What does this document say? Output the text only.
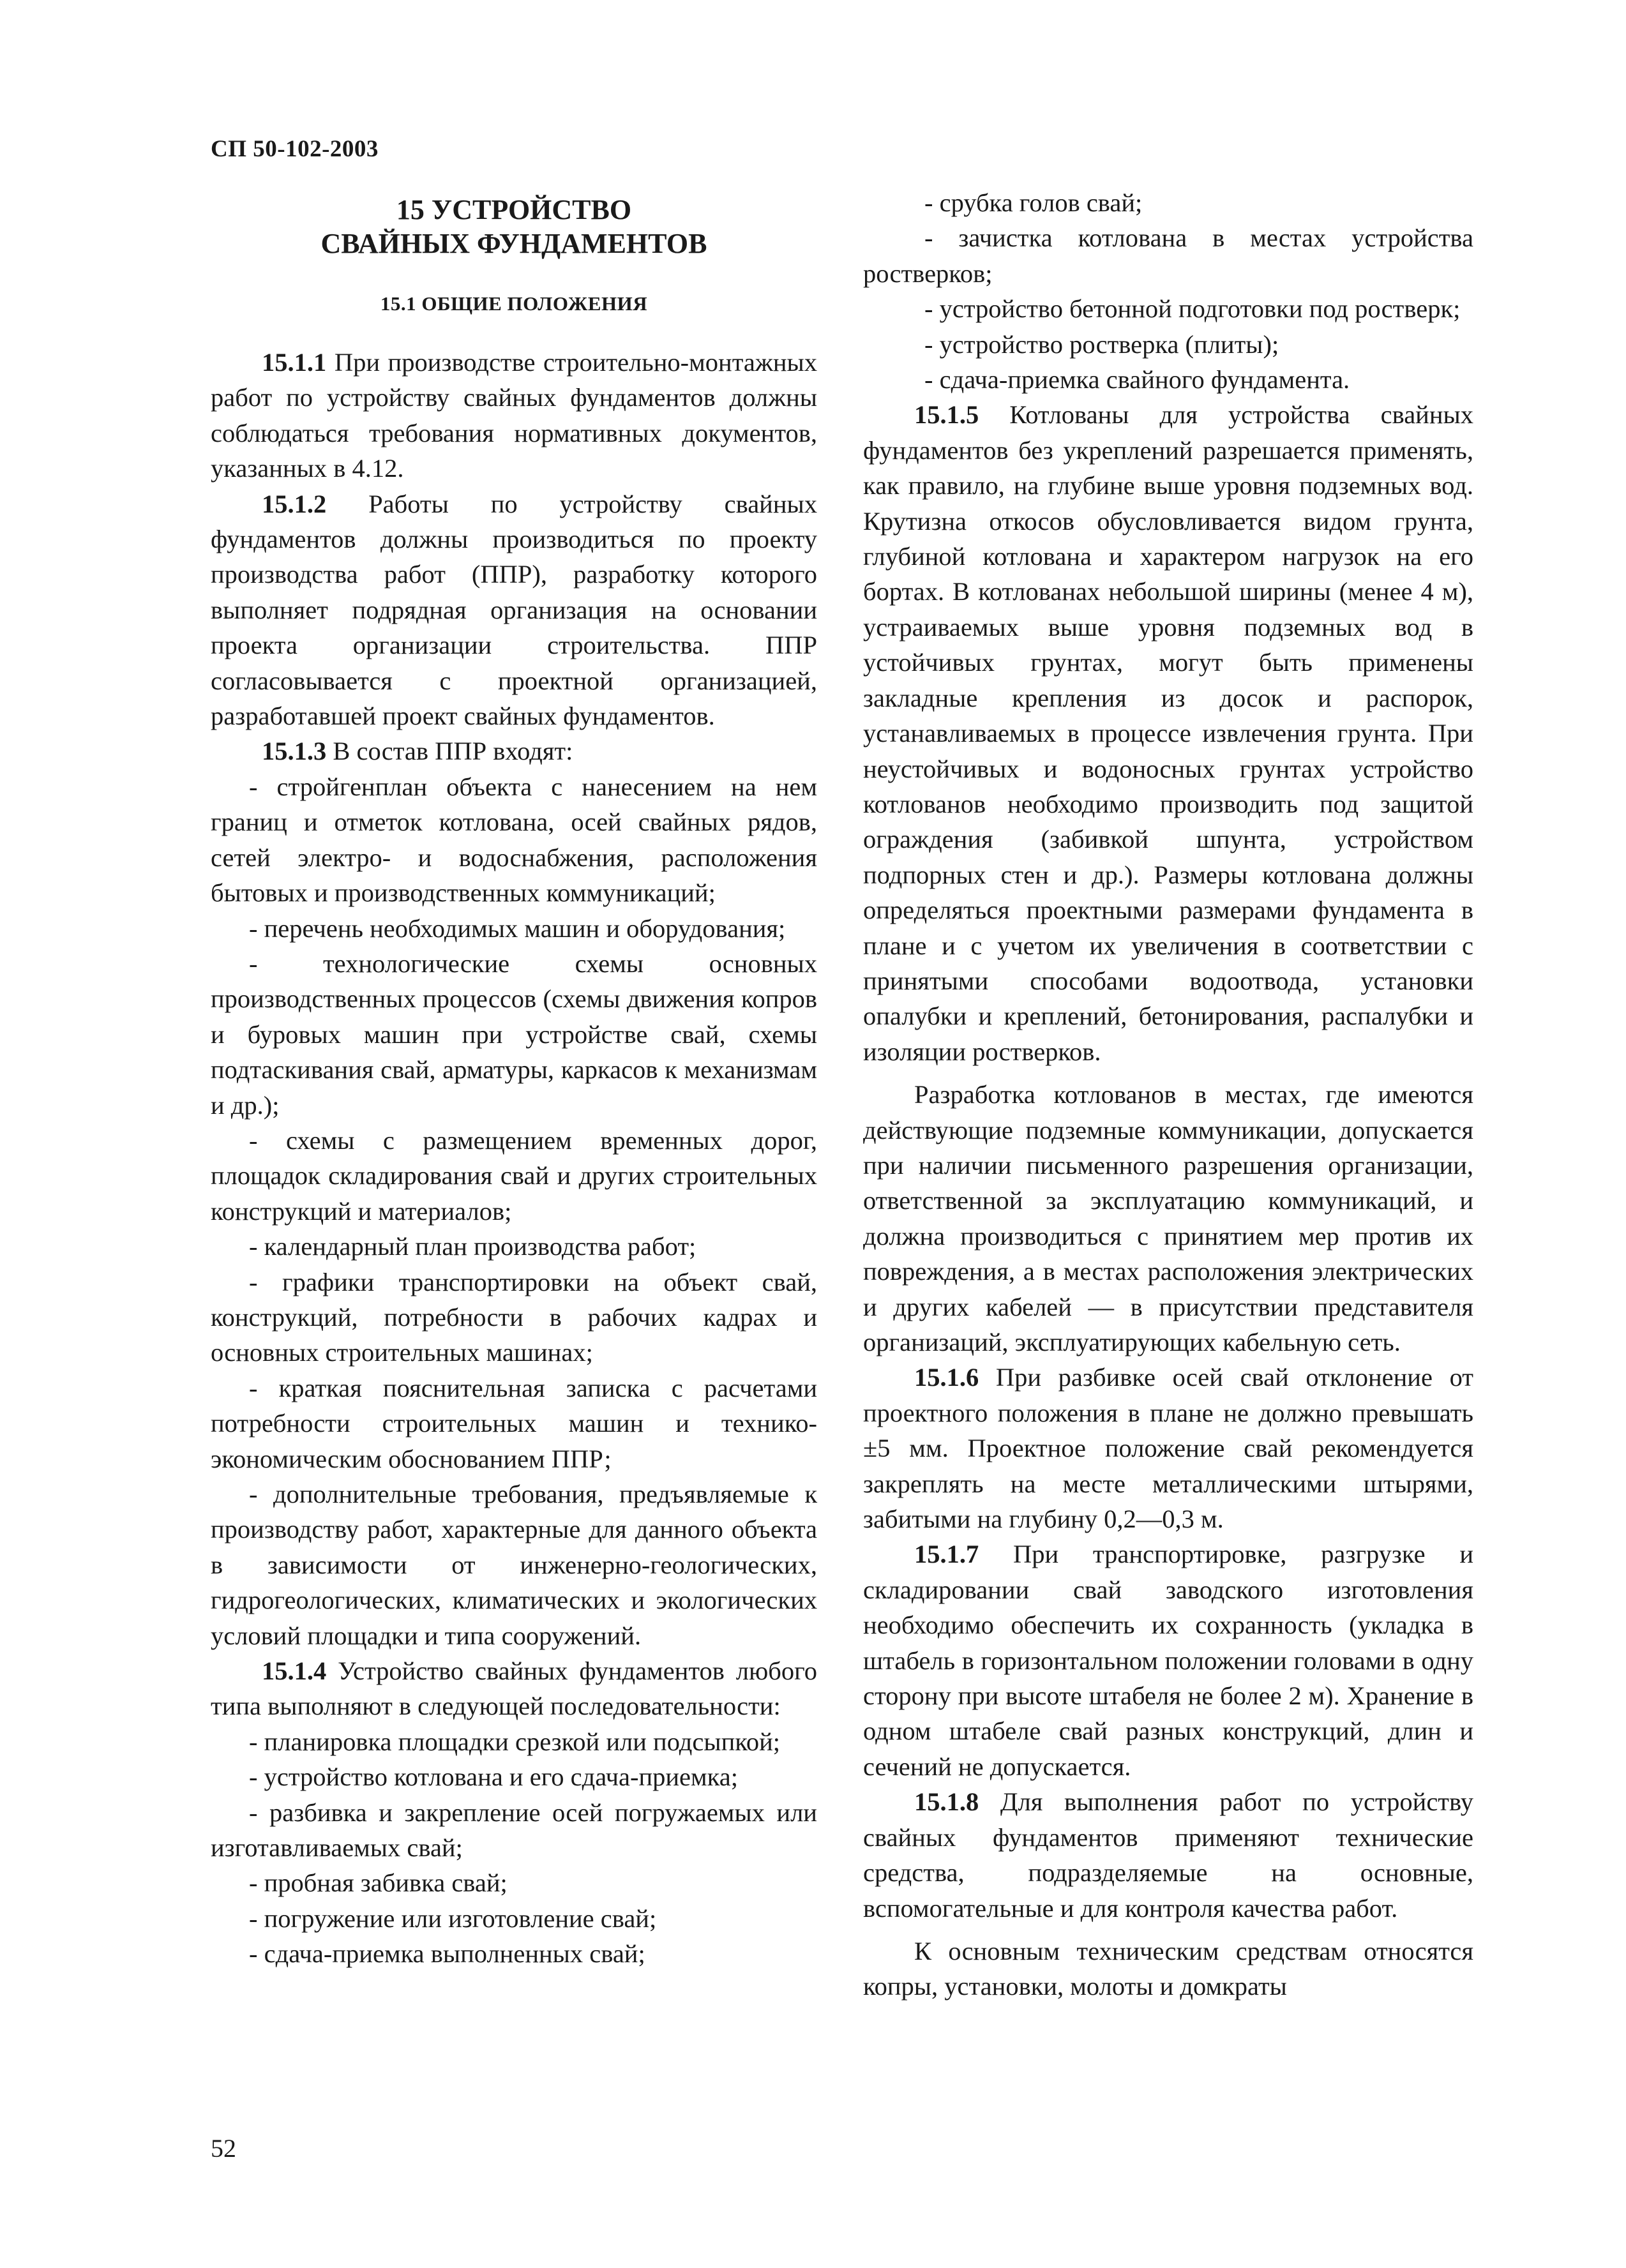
СП 50-102-2003
15 УСТРОЙСТВО
СВАЙНЫХ ФУНДАМЕНТОВ
15.1 ОБЩИЕ ПОЛОЖЕНИЯ

15.1.1 При производстве строительно-монтажных работ по устройству свайных фундаментов должны соблюдаться требования нормативных документов, указанных в 4.12.

15.1.2 Работы по устройству свайных фундаментов должны производиться по проекту производства работ (ППР), разработку которого выполняет подрядная организация на основании проекта организации строительства. ППР согласовывается с проектной организацией, разработавшей проект свайных фундаментов.

15.1.3 В состав ППР входят:

- стройгенплан объекта с нанесением на нем границ и отметок котлована, осей свайных рядов, сетей электро- и водоснабжения, расположения бытовых и производственных коммуникаций;

- перечень необходимых машин и оборудования;

- технологические схемы основных производственных процессов (схемы движения копров и буровых машин при устройстве свай, схемы подтаскивания свай, арматуры, каркасов к механизмам и др.);

- схемы с размещением временных дорог, площадок складирования свай и других строительных конструкций и материалов;

- календарный план производства работ;

- графики транспортировки на объект свай, конструкций, потребности в рабочих кадрах и основных строительных машинах;

- краткая пояснительная записка с расчетами потребности строительных машин и технико-экономическим обоснованием ППР;

- дополнительные требования, предъявляемые к производству работ, характерные для данного объекта в зависимости от инженерно-геологических, гидрогеологических, климатических и экологических условий площадки и типа сооружений.

15.1.4 Устройство свайных фундаментов любого типа выполняют в следующей последовательности:

- планировка площадки срезкой или подсыпкой;

- устройство котлована и его сдача-приемка;

- разбивка и закрепление осей погружаемых или изготавливаемых свай;

- пробная забивка свай;

- погружение или изготовление свай;

- сдача-приемка выполненных свай;

- срубка голов свай;

- зачистка котлована в местах устройства ростверков;

- устройство бетонной подготовки под ростверк;

- устройство ростверка (плиты);

- сдача-приемка свайного фундамента.

15.1.5 Котлованы для устройства свайных фундаментов без укреплений разрешается применять, как правило, на глубине выше уровня подземных вод. Крутизна откосов обусловливается видом грунта, глубиной котлована и характером нагрузок на его бортах. В котлованах небольшой ширины (менее 4 м), устраиваемых выше уровня подземных вод в устойчивых грунтах, могут быть применены закладные крепления из досок и распорок, устанавливаемых в процессе извлечения грунта. При неустойчивых и водоносных грунтах устройство котлованов необходимо производить под защитой ограждения (забивкой шпунта, устройством подпорных стен и др.). Размеры котлована должны определяться проектными размерами фундамента в плане и с учетом их увеличения в соответствии с принятыми способами водоотвода, установки опалубки и креплений, бетонирования, распалубки и изоляции ростверков.

Разработка котлованов в местах, где имеются действующие подземные коммуникации, допускается при наличии письменного разрешения организации, ответственной за эксплуатацию коммуникаций, и должна производиться с принятием мер против их повреждения, а в местах расположения электрических и других кабелей — в присутствии представителя организаций, эксплуатирующих кабельную сеть.

15.1.6 При разбивке осей свай отклонение от проектного положения в плане не должно превышать ±5 мм. Проектное положение свай рекомендуется закреплять на месте металлическими штырями, забитыми на глубину 0,2—0,3 м.

15.1.7 При транспортировке, разгрузке и складировании свай заводского изготовления необходимо обеспечить их сохранность (укладка в штабель в горизонтальном положении головами в одну сторону при высоте штабеля не более 2 м). Хранение в одном штабеле свай разных конструкций, длин и сечений не допускается.

15.1.8 Для выполнения работ по устройству свайных фундаментов применяют технические средства, подразделяемые на основные, вспомогательные и для контроля качества работ.

К основным техническим средствам относятся копры, установки, молоты и домкраты

52
